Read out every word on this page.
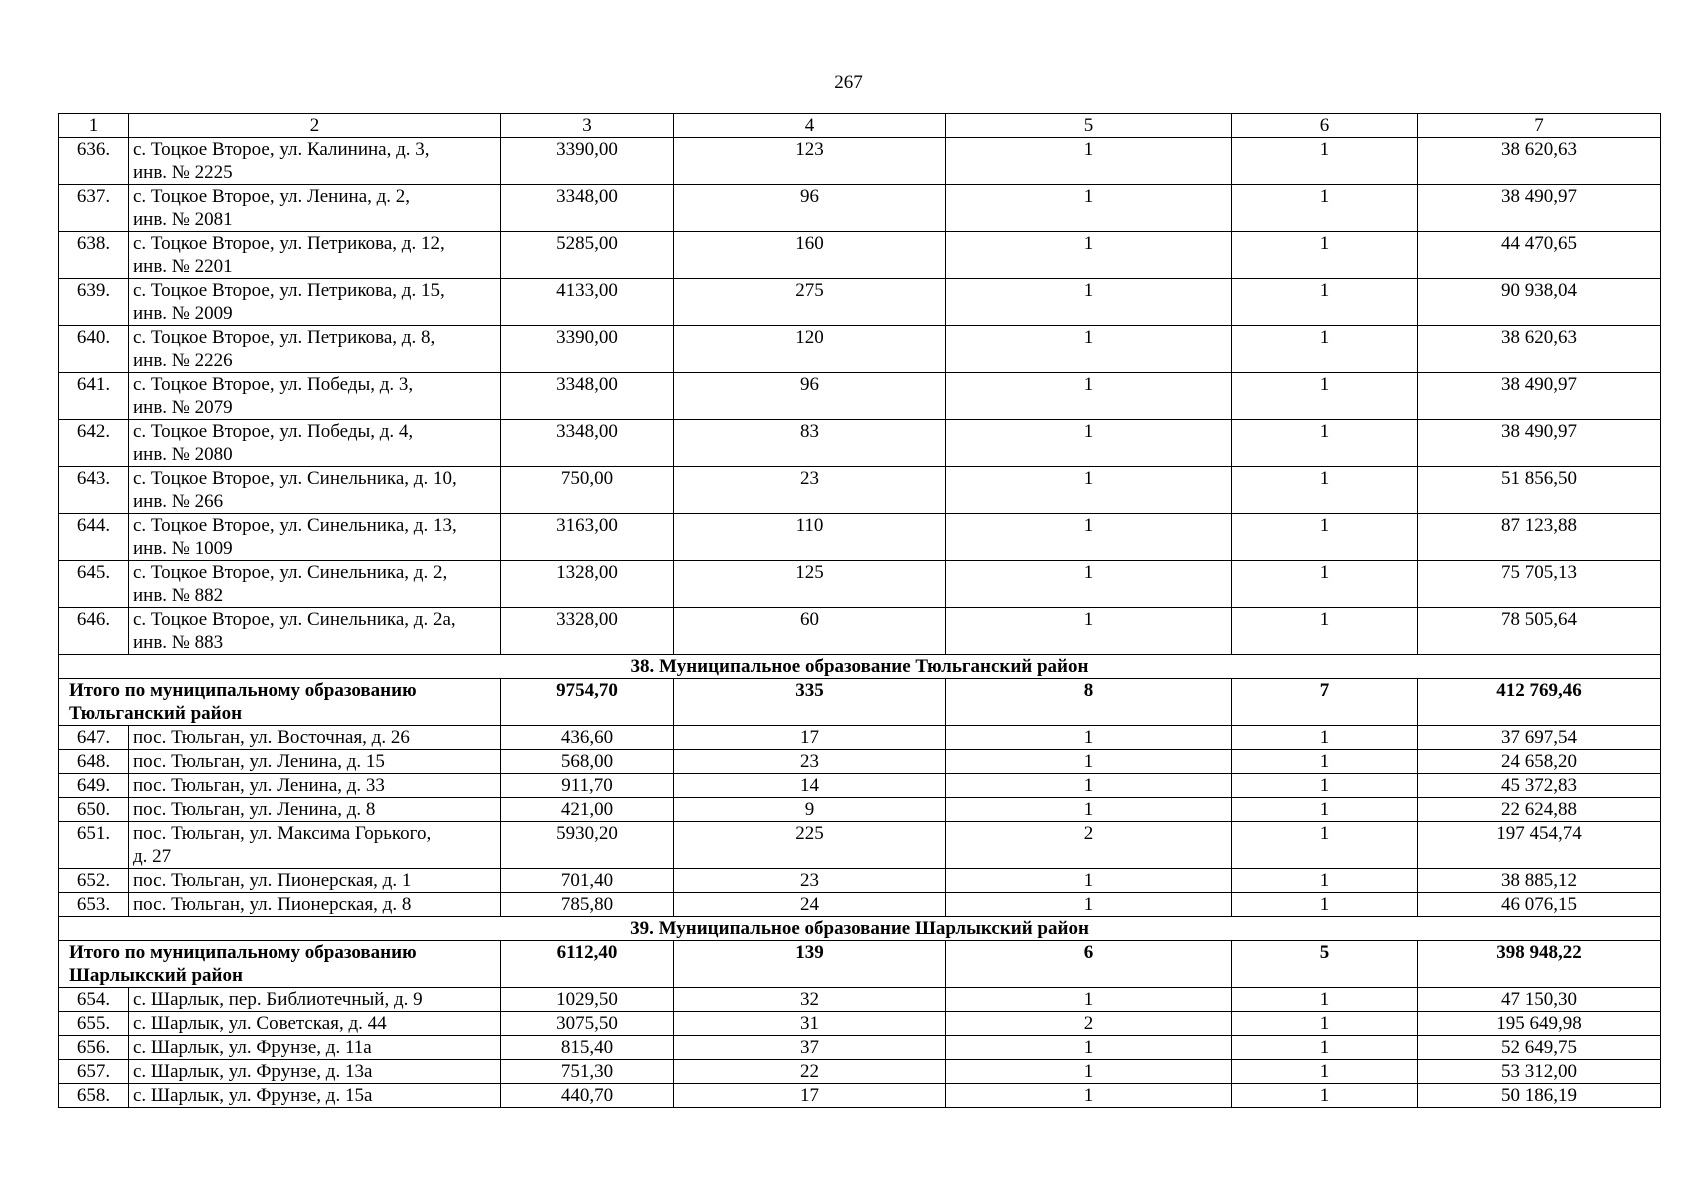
267
1	2	3	4	5	6	7
636.	с. Тоцкое Второе, ул. Калинина, д. 3,
инв. № 2225	3390,00	123	1	1	38 620,63
637.	с. Тоцкое Второе, ул. Ленина, д. 2,
инв. № 2081	3348,00	96	1	1	38 490,97
638.	с. Тоцкое Второе, ул. Петрикова, д. 12,
инв. № 2201	5285,00	160	1	1	44 470,65
639.	с. Тоцкое Второе, ул. Петрикова, д. 15,
инв. № 2009	4133,00	275	1	1	90 938,04
640.	с. Тоцкое Второе, ул. Петрикова, д. 8,
инв. № 2226	3390,00	120	1	1	38 620,63
641.	с. Тоцкое Второе, ул. Победы, д. 3,
инв. № 2079	3348,00	96	1	1	38 490,97
642.	с. Тоцкое Второе, ул. Победы, д. 4,
инв. № 2080	3348,00	83	1	1	38 490,97
643.	с. Тоцкое Второе, ул. Синельника, д. 10,
инв. № 266	750,00	23	1	1	51 856,50
644.	с. Тоцкое Второе, ул. Синельника, д. 13,
инв. № 1009	3163,00	110	1	1	87 123,88
645.	с. Тоцкое Второе, ул. Синельника, д. 2,
инв. № 882	1328,00	125	1	1	75 705,13
646.	с. Тоцкое Второе, ул. Синельника, д. 2а,
инв. № 883	3328,00	60	1	1	78 505,64
38. Муниципальное образование Тюльганский район						
Итого по муниципальному образованию
Тюльганский район		9754,70	335	8	7	412 769,46
647.	пос. Тюльган, ул. Восточная, д. 26	436,60	17	1	1	37 697,54
648.	пос. Тюльган, ул. Ленина, д. 15	568,00	23	1	1	24 658,20
649.	пос. Тюльган, ул. Ленина, д. 33	911,70	14	1	1	45 372,83
650.	пос. Тюльган, ул. Ленина, д. 8	421,00	9	1	1	22 624,88
651.	пос. Тюльган, ул. Максима Горького,
д. 27	5930,20	225	2	1	197 454,74
652.	пос. Тюльган, ул. Пионерская, д. 1	701,40	23	1	1	38 885,12
653.	пос. Тюльган, ул. Пионерская, д. 8	785,80	24	1	1	46 076,15
39. Муниципальное образование Шарлыкский район						
Итого по муниципальному образованию
Шарлыкский район		6112,40	139	6	5	398 948,22
654.	с. Шарлык, пер. Библиотечный, д. 9	1029,50	32	1	1	47 150,30
655.	с. Шарлык, ул. Советская, д. 44	3075,50	31	2	1	195 649,98
656.	с. Шарлык, ул. Фрунзе, д. 11а	815,40	37	1	1	52 649,75
657.	с. Шарлык, ул. Фрунзе, д. 13а	751,30	22	1	1	53 312,00
658.	с. Шарлык, ул. Фрунзе, д. 15а	440,70	17	1	1	50 186,19
